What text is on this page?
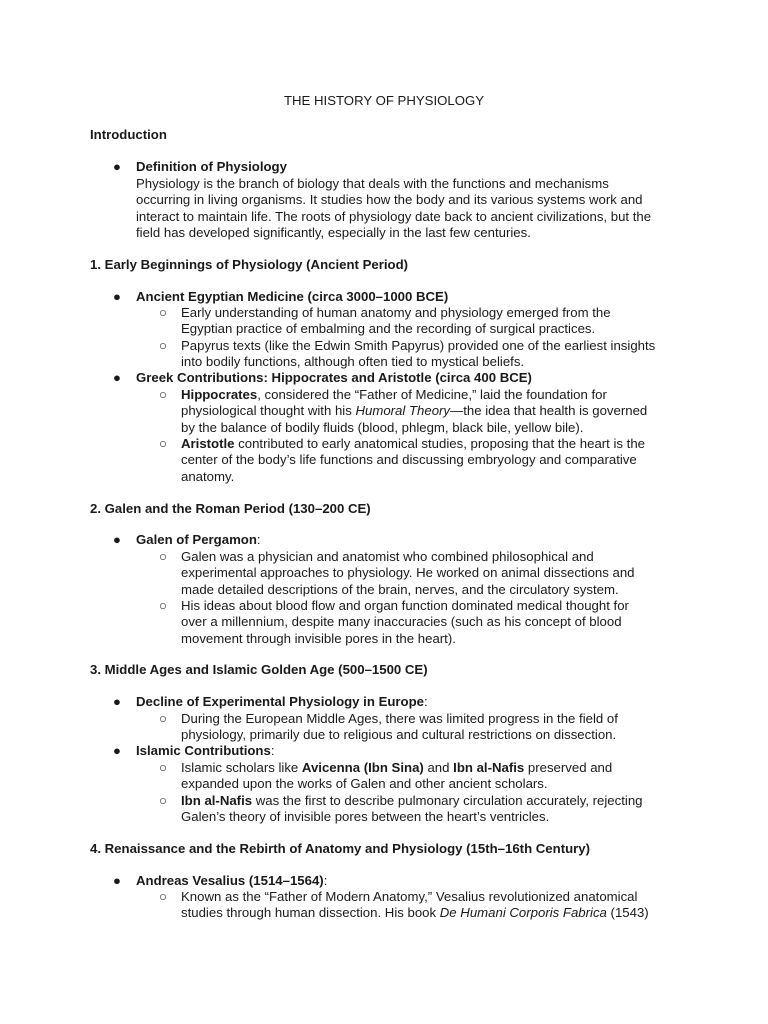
THE HISTORY OF PHYSIOLOGY
Introduction
● Definition of Physiology
Physiology is the branch of biology that deals with the functions and mechanisms
occurring in living organisms. It studies how the body and its various systems work and
interact to maintain life. The roots of physiology date back to ancient civilizations, but the
field has developed significantly, especially in the last few centuries.
1. Early Beginnings of Physiology (Ancient Period)
● Ancient Egyptian Medicine (circa 3000–1000 BCE)
○ Early understanding of human anatomy and physiology emerged from the
Egyptian practice of embalming and the recording of surgical practices.
○ Papyrus texts (like the Edwin Smith Papyrus) provided one of the earliest insights
into bodily functions, although often tied to mystical beliefs.
● Greek Contributions: Hippocrates and Aristotle (circa 400 BCE)
○ Hippocrates, considered the “Father of Medicine,” laid the foundation for
physiological thought with his Humoral Theory—the idea that health is governed
by the balance of bodily fluids (blood, phlegm, black bile, yellow bile).
○ Aristotle contributed to early anatomical studies, proposing that the heart is the
center of the body’s life functions and discussing embryology and comparative
anatomy.
2. Galen and the Roman Period (130–200 CE)
● Galen of Pergamon:
○ Galen was a physician and anatomist who combined philosophical and
experimental approaches to physiology. He worked on animal dissections and
made detailed descriptions of the brain, nerves, and the circulatory system.
○ His ideas about blood flow and organ function dominated medical thought for
over a millennium, despite many inaccuracies (such as his concept of blood
movement through invisible pores in the heart).
3. Middle Ages and Islamic Golden Age (500–1500 CE)
● Decline of Experimental Physiology in Europe:
○ During the European Middle Ages, there was limited progress in the field of
physiology, primarily due to religious and cultural restrictions on dissection.
● Islamic Contributions:
○ Islamic scholars like Avicenna (Ibn Sina) and Ibn al-Nafis preserved and
expanded upon the works of Galen and other ancient scholars.
○ Ibn al-Nafis was the first to describe pulmonary circulation accurately, rejecting
Galen’s theory of invisible pores between the heart’s ventricles.
4. Renaissance and the Rebirth of Anatomy and Physiology (15th–16th Century)
● Andreas Vesalius (1514–1564):
○ Known as the “Father of Modern Anatomy,” Vesalius revolutionized anatomical
studies through human dissection. His book De Humani Corporis Fabrica (1543)
